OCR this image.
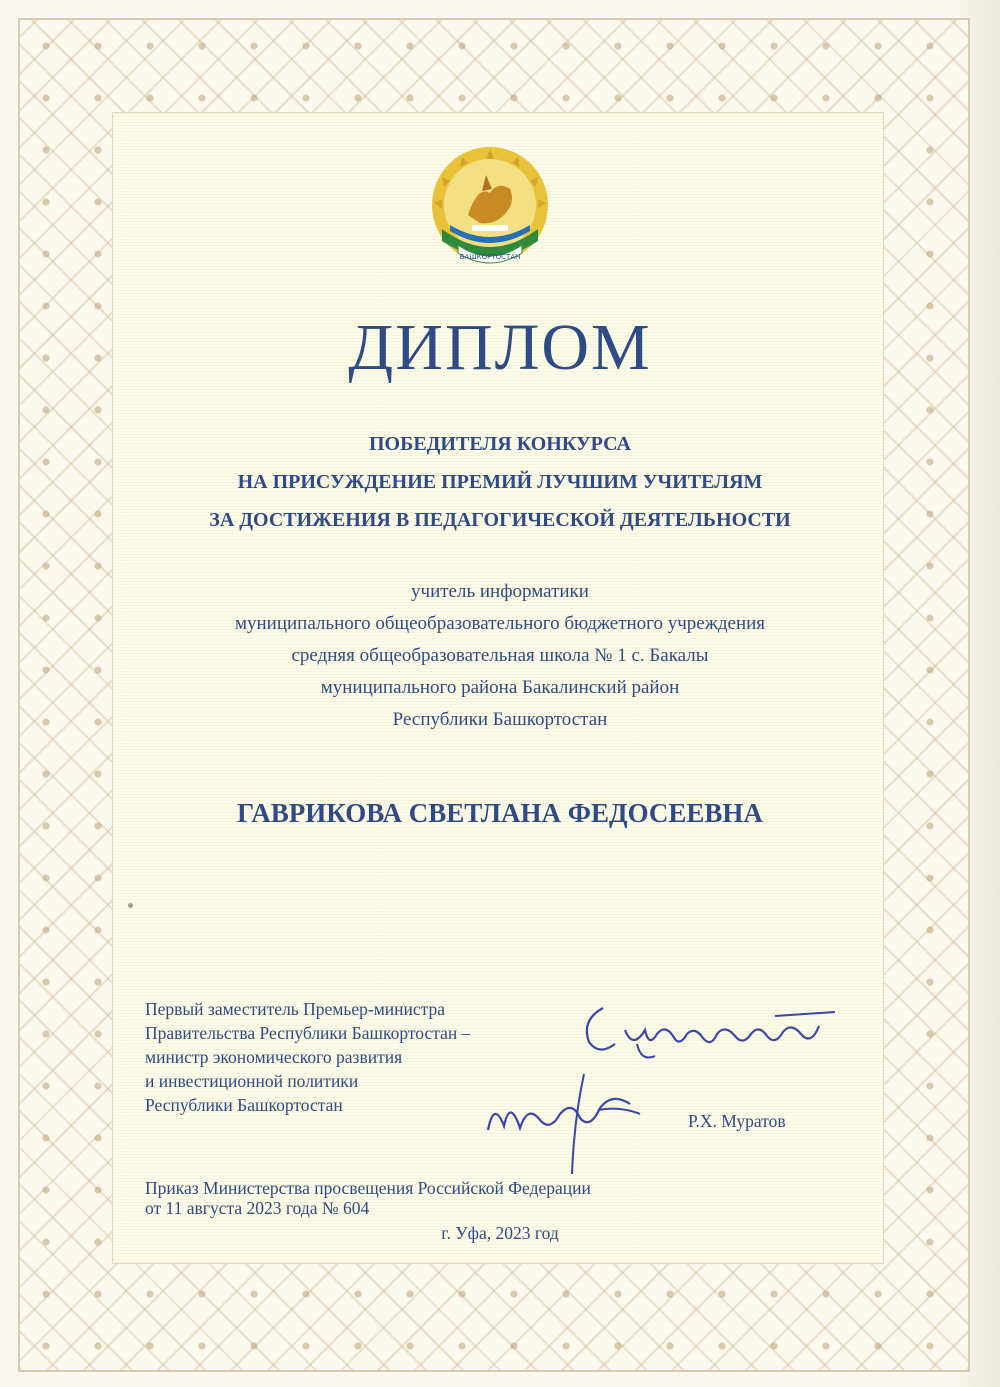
БАШКОРТОСТАН
ДИПЛОМ
ПОБЕДИТЕЛЯ КОНКУРСА
НА ПРИСУЖДЕНИЕ ПРЕМИЙ ЛУЧШИМ УЧИТЕЛЯМ
ЗА ДОСТИЖЕНИЯ В ПЕДАГОГИЧЕСКОЙ ДЕЯТЕЛЬНОСТИ
учитель информатики
муниципального общеобразовательного бюджетного учреждения
средняя общеобразовательная школа № 1 с. Бакалы
муниципального района Бакалинский район
Республики Башкортостан
ГАВРИКОВА СВЕТЛАНА ФЕДОСЕЕВНА
Первый заместитель Премьер-министра
Правительства Республики Башкортостан –
министр экономического развития
и инвестиционной политики
Республики Башкортостан
Р.Х. Муратов
Приказ Министерства просвещения Российской Федерации
от 11 августа 2023 года № 604
г. Уфа, 2023 год
